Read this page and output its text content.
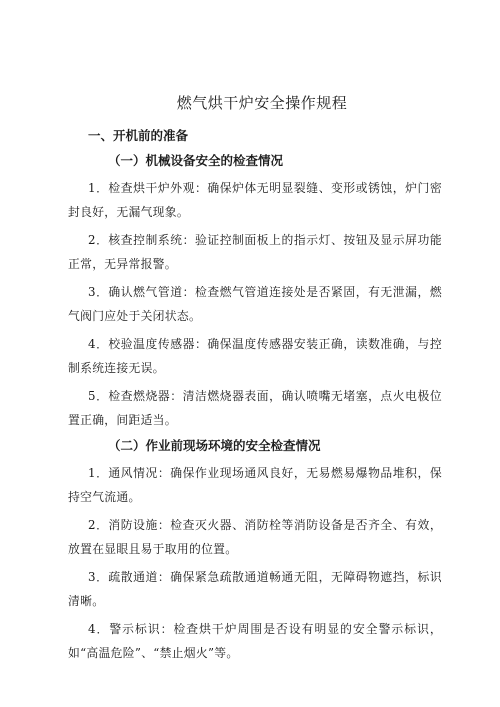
燃气烘干炉安全操作规程
一、开机前的准备
（一）机械设备安全的检查情况

1．检查烘干炉外观：确保炉体无明显裂缝、变形或锈蚀，炉门密封良好，无漏气现象。

2．核查控制系统：验证控制面板上的指示灯、按钮及显示屏功能正常，无异常报警。

3．确认燃气管道：检查燃气管道连接处是否紧固，有无泄漏，燃气阀门应处于关闭状态。

4．校验温度传感器：确保温度传感器安装正确，读数准确，与控制系统连接无误。

5．检查燃烧器：清洁燃烧器表面，确认喷嘴无堵塞，点火电极位置正确，间距适当。

（二）作业前现场环境的安全检查情况

1．通风情况：确保作业现场通风良好，无易燃易爆物品堆积，保持空气流通。

2．消防设施：检查灭火器、消防栓等消防设备是否齐全、有效，放置在显眼且易于取用的位置。

3．疏散通道：确保紧急疏散通道畅通无阻，无障碍物遮挡，标识清晰。

4．警示标识：检查烘干炉周围是否设有明显的安全警示标识，如“高温危险”、“禁止烟火”等。
